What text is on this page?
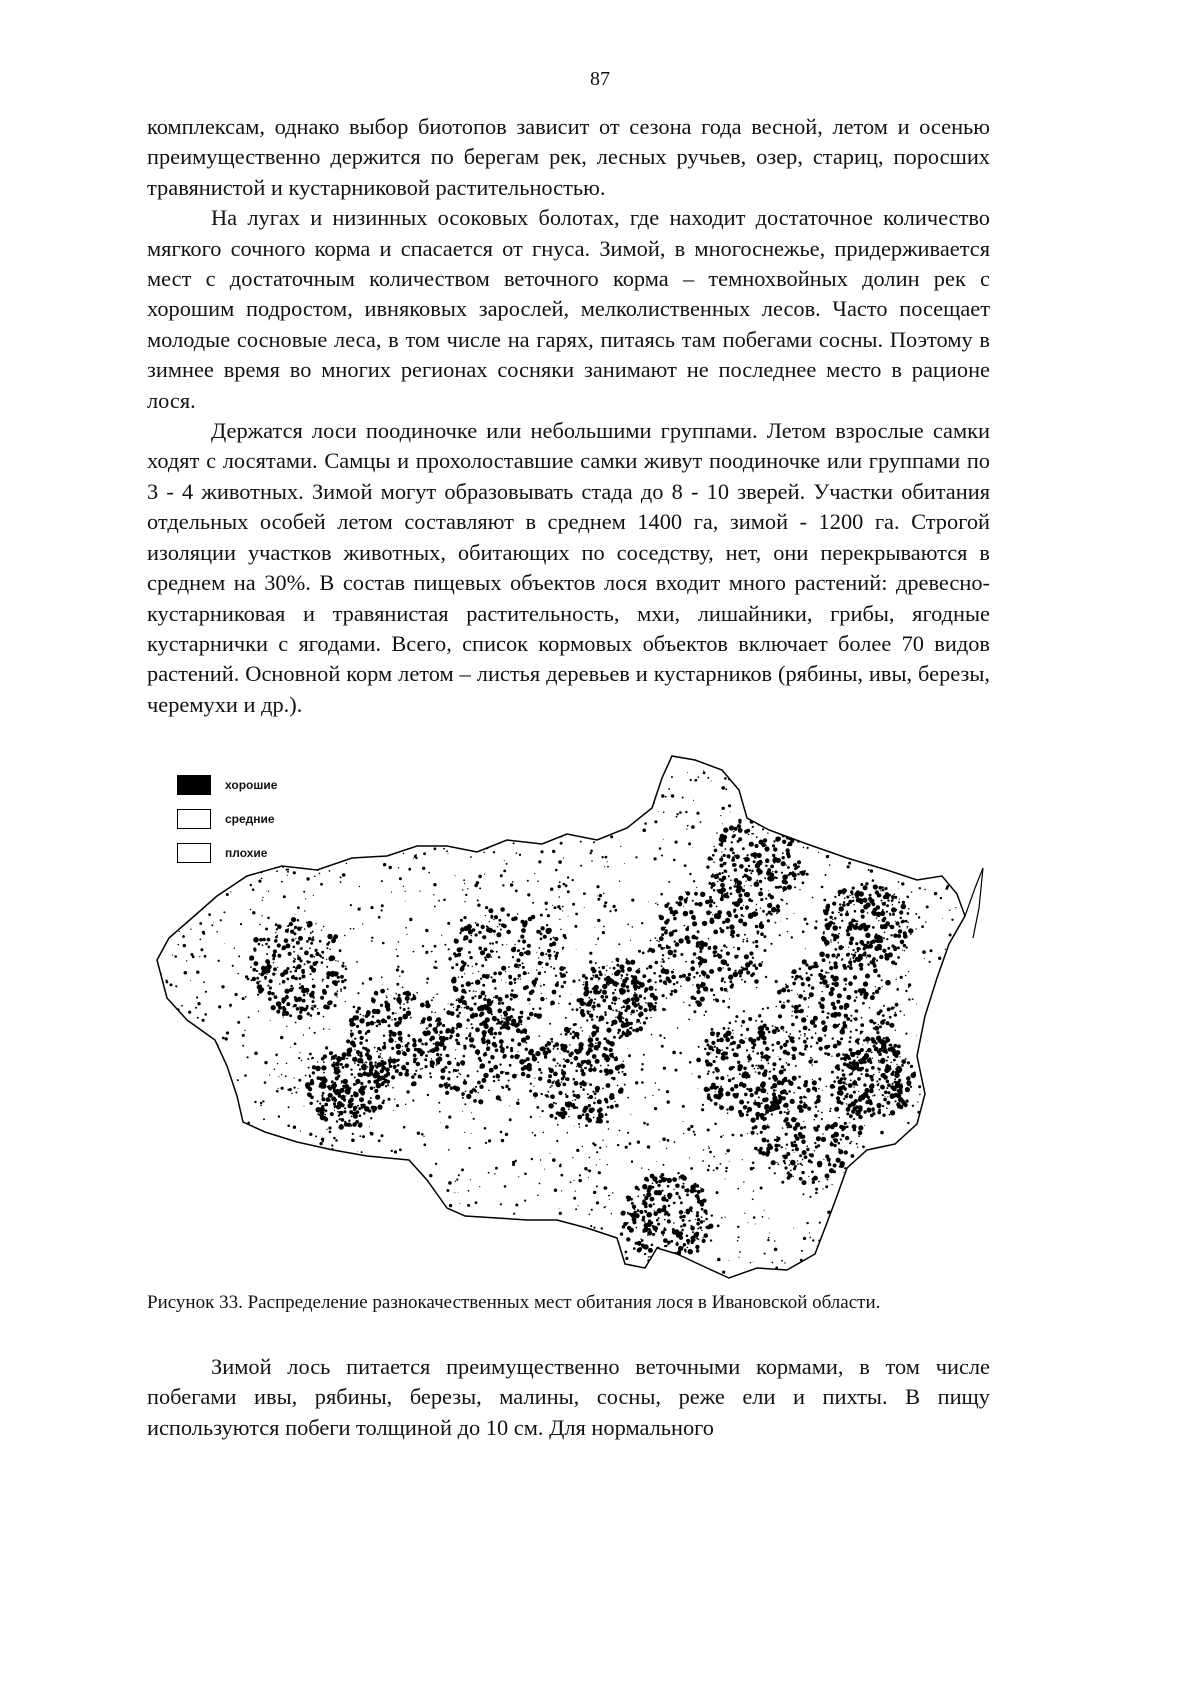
87

комплексам, однако выбор биотопов зависит от сезона года весной, летом и осенью преимущественно держится по берегам рек, лесных ручьев, озер, стариц, поросших травянистой и кустарниковой растительностью.

На лугах и низинных осоковых болотах, где находит достаточное количество мягкого сочного корма и спасается от гнуса. Зимой, в многоснежье, придерживается мест с достаточным количеством веточного корма – темнохвойных долин рек с хорошим подростом, ивняковых зарослей, мелколиственных лесов. Часто посещает молодые сосновые леса, в том числе на гарях, питаясь там побегами сосны. Поэтому в зимнее время во многих регионах сосняки занимают не последнее место в рационе лося.

Держатся лоси поодиночке или небольшими группами. Летом взрослые самки ходят с лосятами. Самцы и прохолоставшие самки живут поодиночке или группами по 3 - 4 животных. Зимой могут образовывать стада до 8 - 10 зверей. Участки обитания отдельных особей летом составляют в среднем 1400 га, зимой - 1200 га. Строгой изоляции участков животных, обитающих по соседству, нет, они перекрываются в среднем на 30%. В состав пищевых объектов лося входит много растений: древесно-кустарниковая и травянистая растительность, мхи, лишайники, грибы, ягодные кустарнички с ягодами. Всего, список кормовых объектов включает более 70 видов растений. Основной корм летом – листья деревьев и кустарников (рябины, ивы, березы, черемухи и др.).

хорошие
средние
плохие
Рисунок 33. Распределение разнокачественных мест обитания лося в Ивановской области.

Зимой лось питается преимущественно веточными кормами, в том числе побегами ивы, рябины, березы, малины, сосны, реже ели и пихты. В пищу используются побеги толщиной до 10 см. Для нормального
